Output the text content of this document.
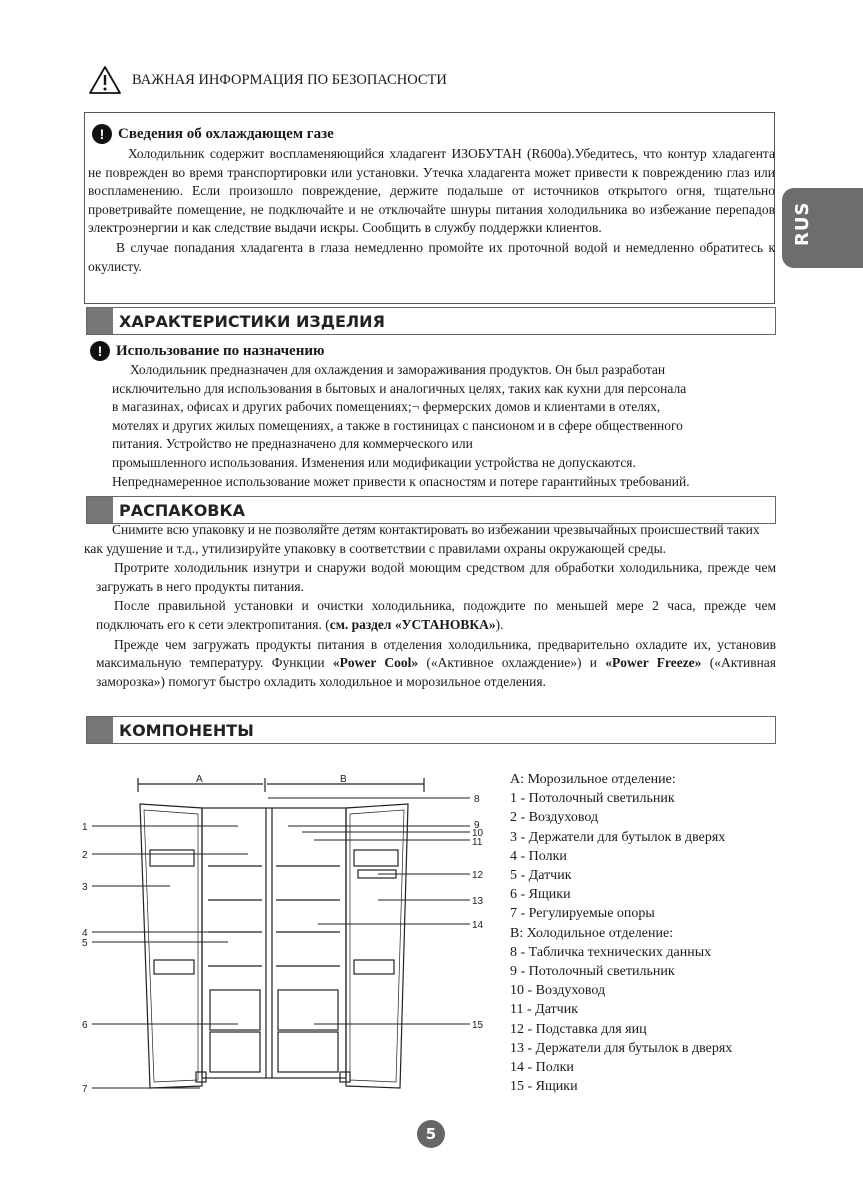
ВАЖНАЯ ИНФОРМАЦИЯ ПО БЕЗОПАСНОСТИ
RUS
! Сведения об охлаждающем газе

Холодильник содержит воспламеняющийся хладагент ИЗОБУТАН (R600a).Убедитесь, что контур хладагента не поврежден во время транспортировки или установки. Утечка хладагента может привести к повреждению глаз или воспламенению. Если произошло повреждение, держите подальше от источников открытого огня, тщательно проветривайте помещение, не подключайте и не отключайте шнуры питания холодильника во избежание перепадов электроэнергии и как следствие выдачи искры. Сообщить в службу поддержки клиентов.

В случае попадания хладагента в глаза немедленно промойте их проточной водой и немедленно обратитесь к окулисту.

ХАРАКТЕРИСТИКИ ИЗДЕЛИЯ
! Использование по назначению
Холодильник предназначен для охлаждения и замораживания продуктов. Он был разработан
исключительно для использования в бытовых и аналогичных целях, таких как кухни для персонала
в магазинах, офисах и других рабочих помещениях;¬ фермерских домов и клиентами в отелях,
мотелях и других жилых помещениях, а также в гостиницах с пансионом и в сфере общественного
питания. Устройство не предназначено для коммерческого или
промышленного использования. Изменения или модификации устройства не допускаются.
Непреднамеренное использование может привести к опасностям и потере гарантийных требований.
РАСПАКОВКА

Снимите всю упаковку и не позволяйте детям контактировать во избежании чрезвычайных происшествий таких как удушение и т.д., утилизируйте упаковку в соответствии с правилами охраны окружающей среды.

Протрите холодильник изнутри и снаружи водой моющим средством для обработки холодильника, прежде чем загружать в него продукты питания.

После правильной установки и очистки холодильника, подождите по меньшей мере 2 часа, прежде чем подключать его к сети электропитания. (см. раздел «УСТАНОВКА»).

Прежде чем загружать продукты питания в отделения холодильника, предварительно охладите их, установив максимальную температуру. Функции «Power Cool» («Активное охлаждение») и «Power Freeze» («Активная заморозка») помогут быстро охладить холодильное и морозильное отделения.

КОМПОНЕНТЫ
A	B
1
2
3
4
5
6
7
8
9
10
11
12
13
14
15
A: Морозильное отделение:
1 - Потолочный светильник
2 - Воздуховод
3 - Держатели для бутылок в дверях
4 - Полки
5 - Датчик
6 - Ящики
7 - Регулируемые опоры
B: Холодильное отделение:
8 - Табличка технических данных
9 - Потолочный светильник
10 - Воздуховод
11 - Датчик
12 - Подставка для яиц
13 - Держатели для бутылок в дверях
14 - Полки
15 - Ящики
5
